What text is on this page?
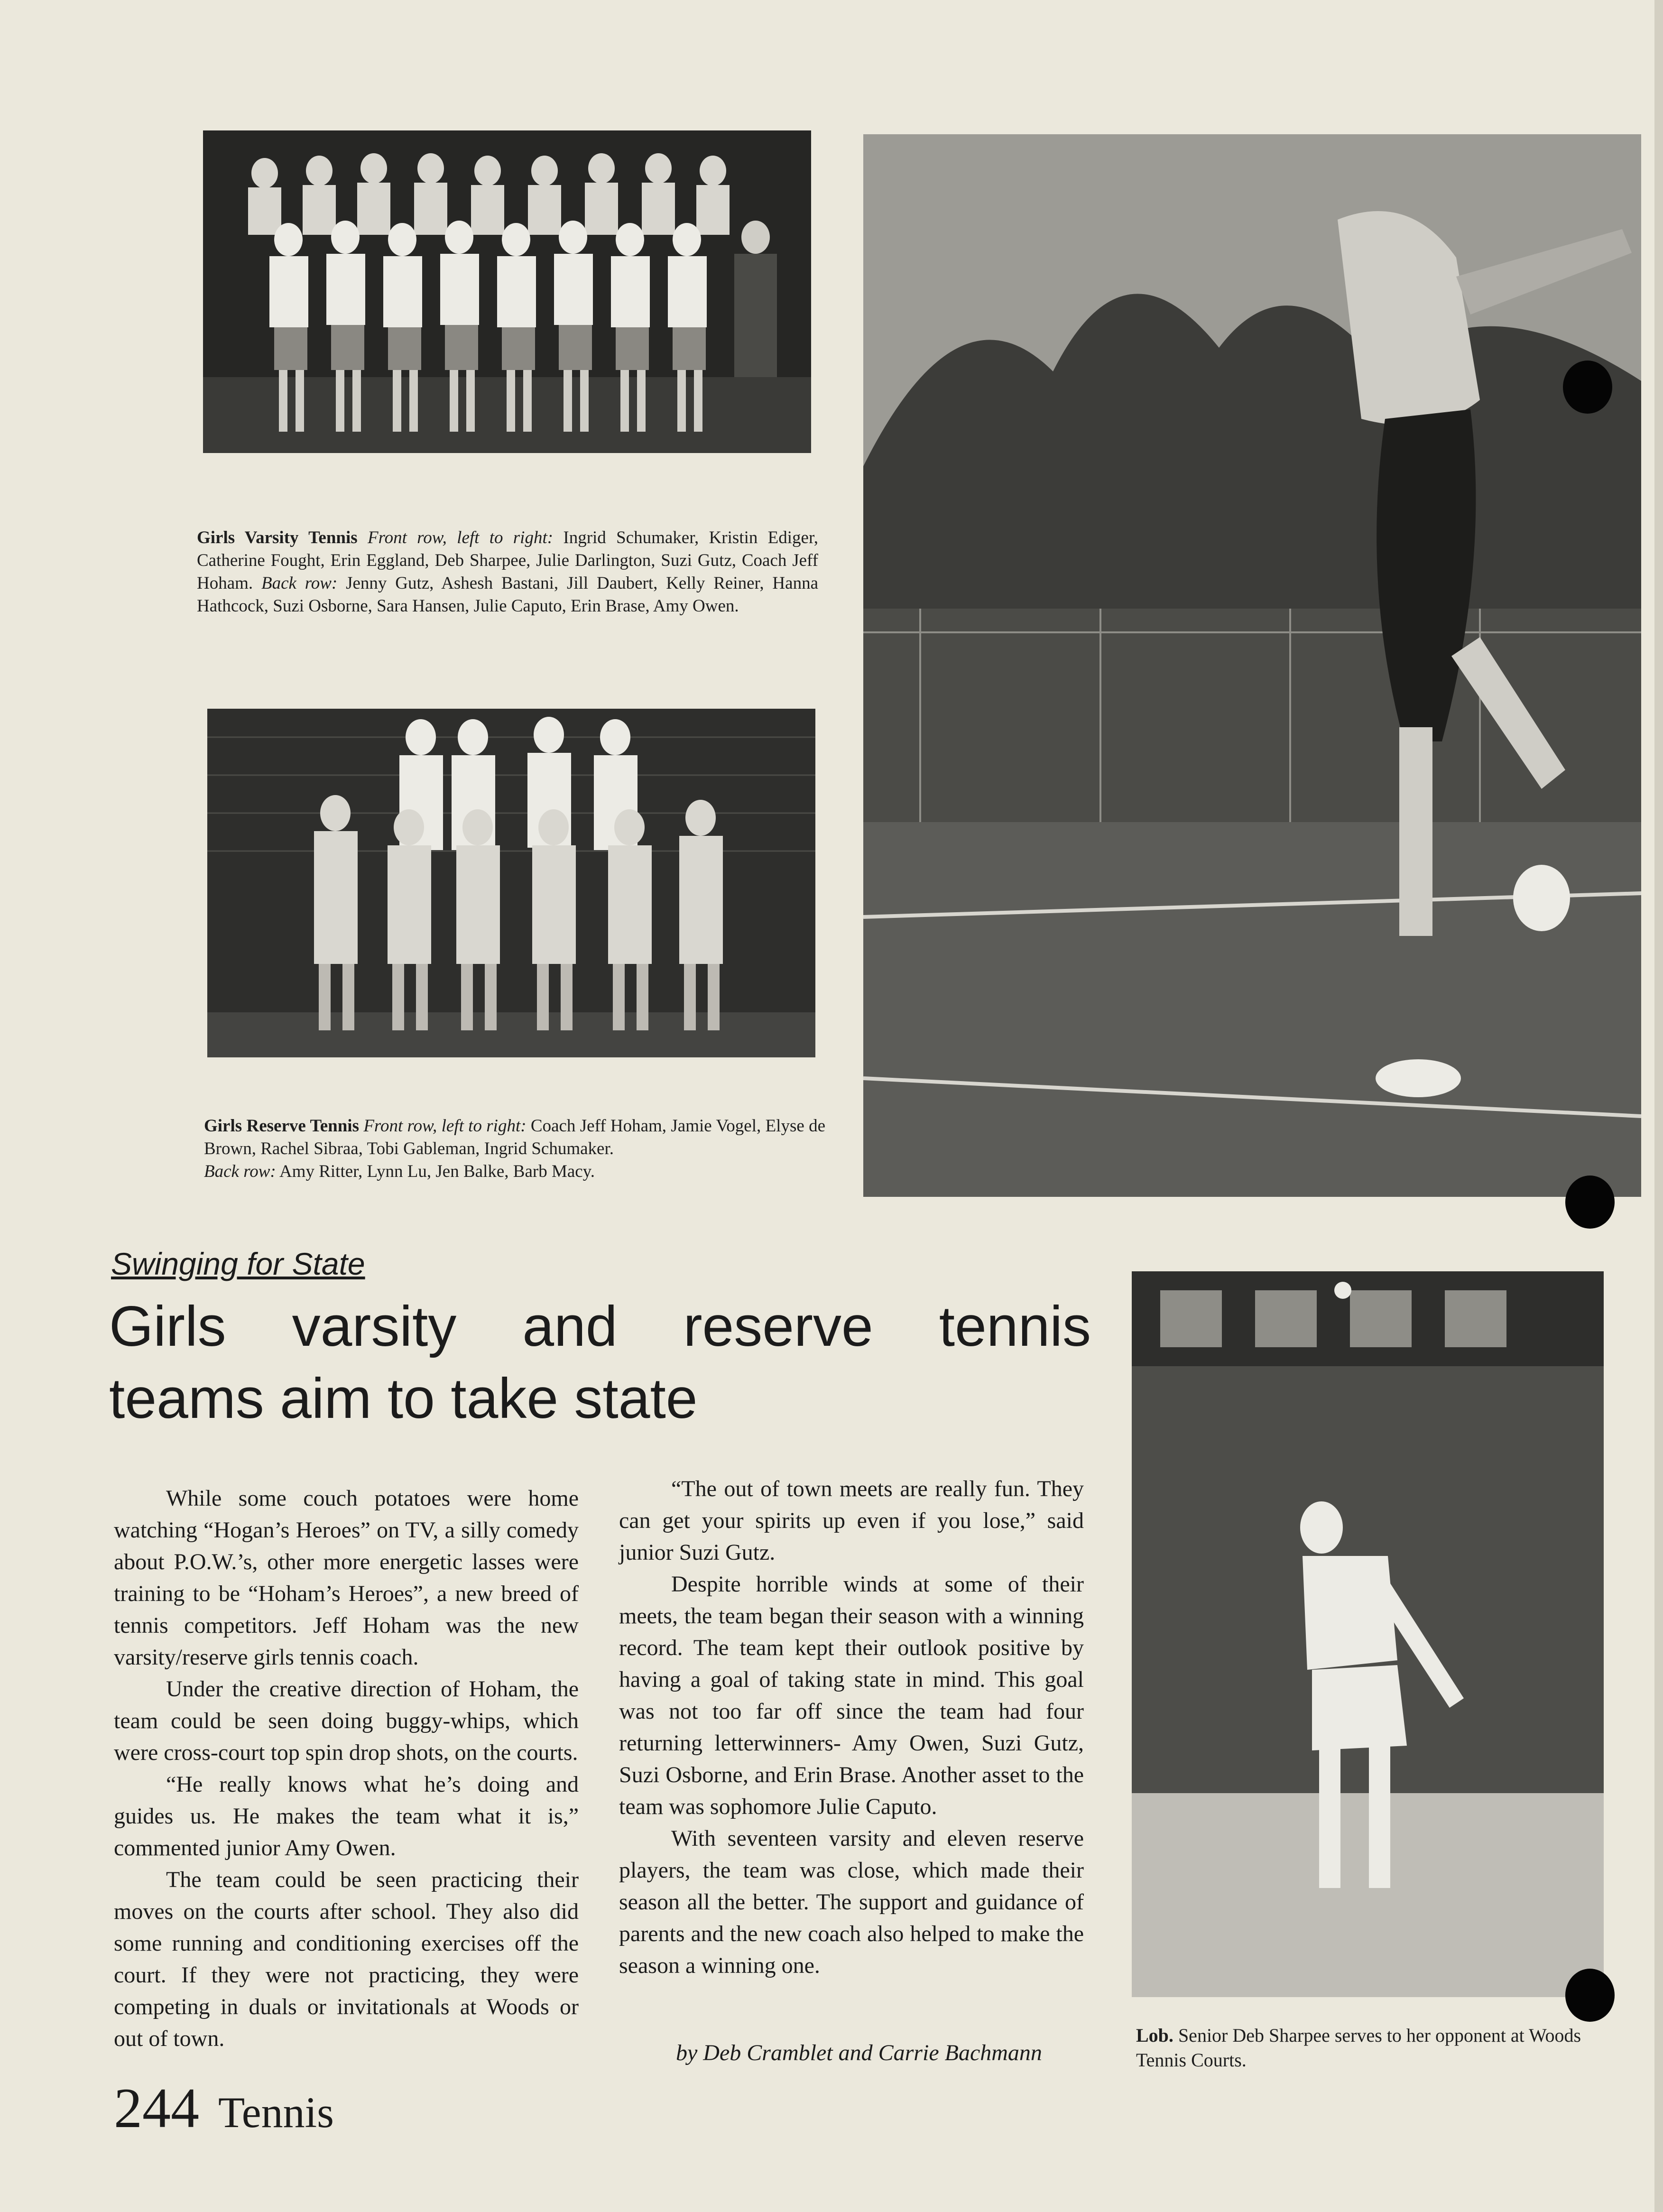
Girls Varsity Tennis Front row, left to right: Ingrid Schumaker, Kristin Ediger, Catherine Fought, Erin Eggland, Deb Sharpee, Julie Darlington, Suzi Gutz, Coach Jeff Hoham. Back row: Jenny Gutz, Ashesh Bastani, Jill Daubert, Kelly Reiner, Hanna Hathcock, Suzi Osborne, Sara Hansen, Julie Caputo, Erin Brase, Amy Owen.
Girls Reserve Tennis Front row, left to right: Coach Jeff Hoham, Jamie Vogel, Elyse de Brown, Rachel Sibraa, Tobi Gableman, Ingrid Schumaker.
Back row: Amy Ritter, Lynn Lu, Jen Balke, Barb Macy.
Lob. Senior Deb Sharpee serves to her opponent at Woods Tennis Courts.
Swinging for State
Girls varsity and reserve tennis
teams aim to take state

While some couch potatoes were home watching “Hogan’s Heroes” on TV, a silly comedy about P.O.W.’s, other more energetic lasses were training to be “Hoham’s Heroes”, a new breed of tennis competitors. Jeff Hoham was the new varsity/reserve girls tennis coach.

Under the creative direction of Hoham, the team could be seen doing buggy-whips, which were cross-court top spin drop shots, on the courts.

“He really knows what he’s doing and guides us. He makes the team what it is,” commented junior Amy Owen.

The team could be seen practicing their moves on the courts after school. They also did some running and conditioning exercises off the court. If they were not practicing, they were competing in duals or invitationals at Woods or out of town.

“The out of town meets are really fun. They can get your spirits up even if you lose,” said junior Suzi Gutz.

Despite horrible winds at some of their meets, the team began their season with a winning record. The team kept their outlook positive by having a goal of taking state in mind. This goal was not too far off since the team had four returning letterwinners- Amy Owen, Suzi Gutz, Suzi Osborne, and Erin Brase. Another asset to the team was sophomore Julie Caputo.

With seventeen varsity and eleven reserve players, the team was close, which made their season all the better. The support and guidance of parents and the new coach also helped to make the season a winning one.

by Deb Cramblet and Carrie Bachmann
244 Tennis
